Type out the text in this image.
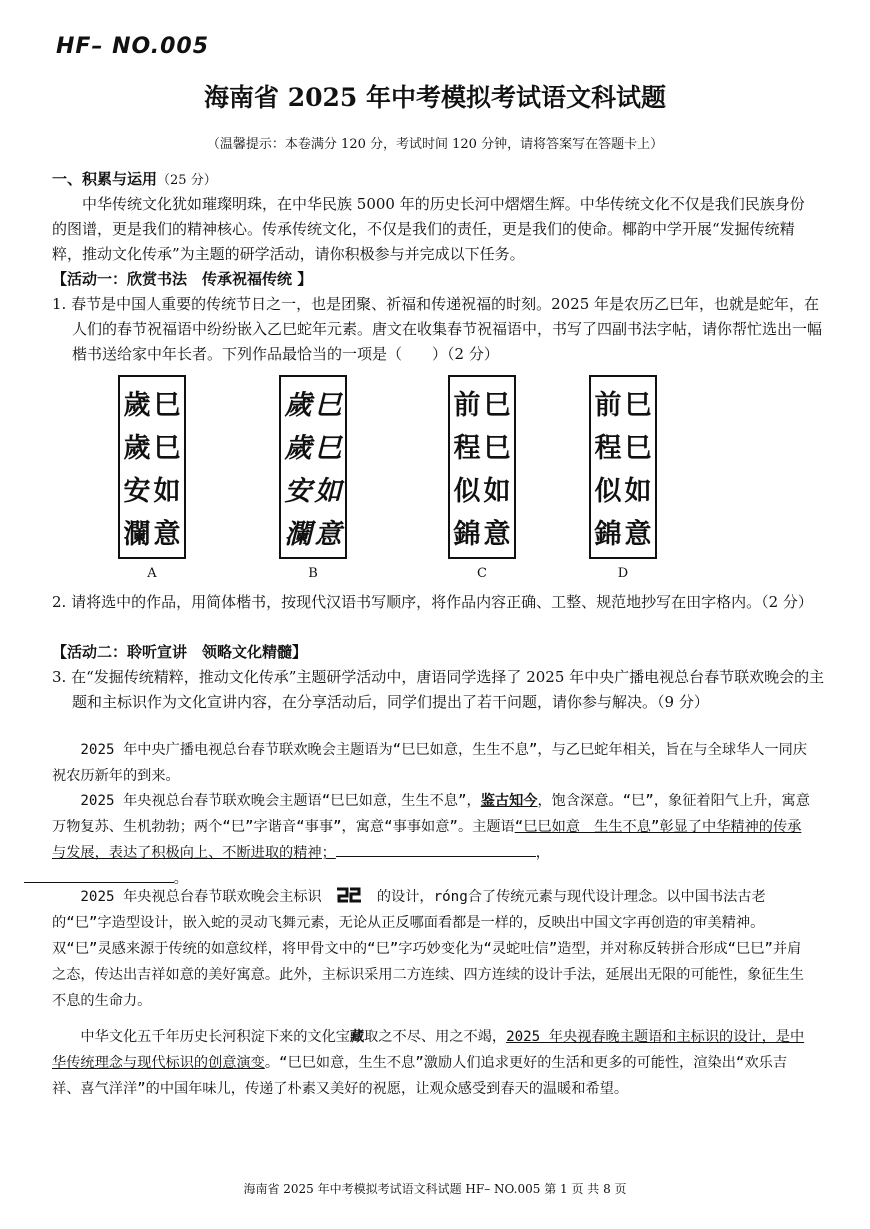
HF– NO.005
海南省 2025 年中考模拟考试语文科试题
（温馨提示：本卷满分 120 分，考试时间 120 分钟，请将答案写在答题卡上）
一、积累与运用（25 分）
中华传统文化犹如璀璨明珠，在中华民族 5000 年的历史长河中熠熠生辉。中华传统文化不仅是我们民族身份的图谱，更是我们的精神核心。传承传统文化，不仅是我们的责任，更是我们的使命。椰韵中学开展“发掘传统精粹，推动文化传承”为主题的研学活动，请你积极参与并完成以下任务。
【活动一：欣赏书法　传承祝福传统 】
1. 春节是中国人重要的传统节日之一，也是团聚、祈福和传递祝福的时刻。2025 年是农历乙巳年，也就是蛇年，在人们的春节祝福语中纷纷嵌入乙巳蛇年元素。唐文在收集春节祝福语中，书写了四副书法字帖，请你帮忙选出一幅楷书送给家中年长者。下列作品最恰当的一项是（　　）（2 分）
歲 巳
歲 巳
安 如
瀾 意
歲 巳
歲 巳
安 如
瀾 意
前 巳
程 巳
似 如
錦 意
前 巳
程 巳
似 如
錦 意
A	B	C	D
2. 请将选中的作品，用简体楷书，按现代汉语书写顺序，将作品内容正确、工整、规范地抄写在田字格内。（2 分）
【活动二：聆听宣讲　领略文化精髓】
3. 在“发掘传统精粹，推动文化传承”主题研学活动中，唐语同学选择了 2025 年中央广播电视总台春节联欢晚会的主题和主标识作为文化宣讲内容，在分享活动后，同学们提出了若干问题，请你参与解决。（9 分）
2025 年中央广播电视总台春节联欢晚会主题语为“巳巳如意，生生不息”，与乙巳蛇年相关，旨在与全球华人一同庆祝农历新年的到来。
2025 年央视总台春节联欢晚会主题语“巳巳如意，生生不息”，鉴古知今，饱含深意。“巳”，象征着阳气上升，寓意万物复苏、生机勃勃；两个“巳”字谐音“事事”，寓意“事事如意”。主题语“巳巳如意　生生不息”彰显了中华精神的传承与发展，表达了积极向上、不断进取的精神；	，
。
2025 年央视总台春节联欢晚会主标识	的设计，róng合了传统元素与现代设计理念。以中国书法古老的“巳”字造型设计，嵌入蛇的灵动飞舞元素，无论从正反哪面看都是一样的，反映出中国文字再创造的审美精神。双“巳”灵感来源于传统的如意纹样，将甲骨文中的“巳”字巧妙变化为“灵蛇吐信”造型，并对称反转拼合形成“巳巳”并肩之态，传达出吉祥如意的美好寓意。此外，主标识采用二方连续、四方连续的设计手法，延展出无限的可能性，象征生生不息的生命力。
中华文化五千年历史长河积淀下来的文化宝藏取之不尽、用之不竭，2025 年央视春晚主题语和主标识的设计，是中华传统理念与现代标识的创意演变。“巳巳如意，生生不息”激励人们追求更好的生活和更多的可能性，渲染出“欢乐吉祥、喜气洋洋”的中国年味儿，传递了朴素又美好的祝愿，让观众感受到春天的温暖和希望。
海南省 2025 年中考模拟考试语文科试题 HF– NO.005 第 1 页 共 8 页
